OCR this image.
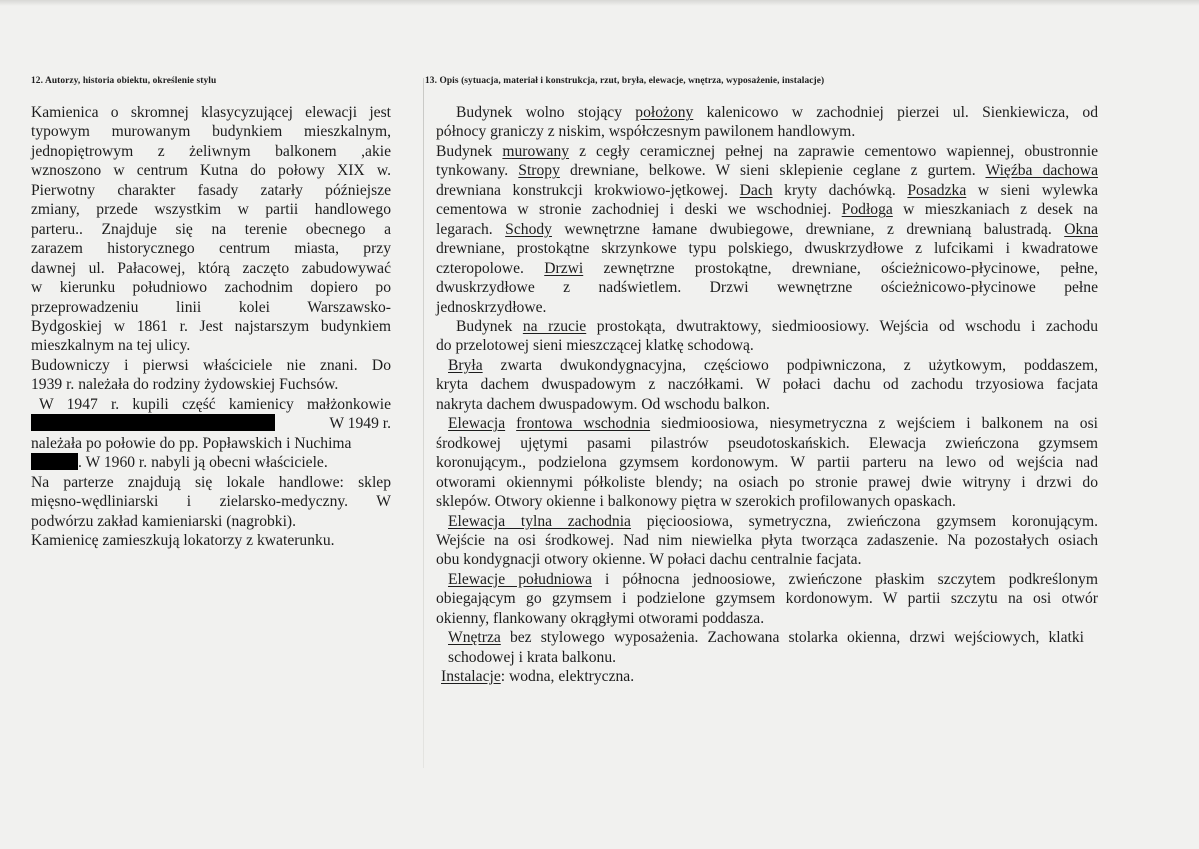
12. Autorzy, historia obiektu, określenie stylu
Kamienica o skromnej klasycyzującej elewacji jest
typowym murowanym budynkiem mieszkalnym,
jednopiętrowym z żeliwnym balkonem ,akie
wznoszono w centrum Kutna do połowy XIX w.
Pierwotny charakter fasady zatarły późniejsze
zmiany, przede wszystkim w partii handlowego
parteru.. Znajduje się na terenie obecnego a
zarazem historycznego centrum miasta, przy
dawnej ul. Pałacowej, którą zaczęto zabudowywać
w kierunku południowo zachodnim dopiero po
przeprowadzeniu linii kolei Warszawsko-
Bydgoskiej w 1861 r. Jest najstarszym budynkiem
mieszkalnym na tej ulicy.
Budowniczy i pierwsi właściciele nie znani. Do
1939 r. należała do rodziny żydowskiej Fuchsów.
W 1947 r. kupili część kamienicy małżonkowie
W 1949 r.
należała po połowie do pp. Popławskich i Nuchima
. W 1960 r. nabyli ją obecni właściciele.
Na parterze znajdują się lokale handlowe: sklep
mięsno-wędliniarski i zielarsko-medyczny. W
podwórzu zakład kamieniarski (nagrobki).
Kamienicę zamieszkują lokatorzy z kwaterunku.
13. Opis (sytuacja, materiał i konstrukcja, rzut, bryła, elewacje, wnętrza, wyposażenie, instalacje)
Budynek wolno stojący położony kalenicowo w zachodniej pierzei ul. Sienkiewicza, od
północy graniczy z niskim, współczesnym pawilonem handlowym.
Budynek murowany z cegły ceramicznej pełnej na zaprawie cementowo wapiennej, obustronnie
tynkowany. Stropy drewniane, belkowe. W sieni sklepienie ceglane z gurtem. Więźba dachowa
drewniana konstrukcji krokwiowo-jętkowej. Dach kryty dachówką. Posadzka w sieni wylewka
cementowa w stronie zachodniej i deski we wschodniej. Podłoga w mieszkaniach z desek na
legarach. Schody wewnętrzne łamane dwubiegowe, drewniane, z drewnianą balustradą. Okna
drewniane, prostokątne skrzynkowe typu polskiego, dwuskrzydłowe z lufcikami i kwadratowe
czteropolowe. Drzwi zewnętrzne prostokątne, drewniane, ościeżnicowo-płycinowe, pełne,
dwuskrzydłowe z nadświetlem. Drzwi wewnętrzne ościeżnicowo-płycinowe pełne
jednoskrzydłowe.
Budynek na rzucie prostokąta, dwutraktowy, siedmioosiowy. Wejścia od wschodu i zachodu
do przelotowej sieni mieszczącej klatkę schodową.
Bryła zwarta dwukondygnacyjna, częściowo podpiwniczona, z użytkowym, poddaszem,
kryta dachem dwuspadowym z naczółkami. W połaci dachu od zachodu trzyosiowa facjata
nakryta dachem dwuspadowym. Od wschodu balkon.
Elewacja frontowa wschodnia siedmioosiowa, niesymetryczna z wejściem i balkonem na osi
środkowej ujętymi pasami pilastrów pseudotoskańskich. Elewacja zwieńczona gzymsem
koronującym., podzielona gzymsem kordonowym. W partii parteru na lewo od wejścia nad
otworami okiennymi półkoliste blendy; na osiach po stronie prawej dwie witryny i drzwi do
sklepów. Otwory okienne i balkonowy piętra w szerokich profilowanych opaskach.
Elewacja tylna zachodnia pięcioosiowa, symetryczna, zwieńczona gzymsem koronującym.
Wejście na osi środkowej. Nad nim niewielka płyta tworząca zadaszenie. Na pozostałych osiach
obu kondygnacji otwory okienne. W połaci dachu centralnie facjata.
Elewacje południowa i północna jednoosiowe, zwieńczone płaskim szczytem podkreślonym
obiegającym go gzymsem i podzielone gzymsem kordonowym. W partii szczytu na osi otwór
okienny, flankowany okrągłymi otworami poddasza.
Wnętrza bez stylowego wyposażenia. Zachowana stolarka okienna, drzwi wejściowych, klatki
schodowej i krata balkonu.
Instalacje: wodna, elektryczna.
